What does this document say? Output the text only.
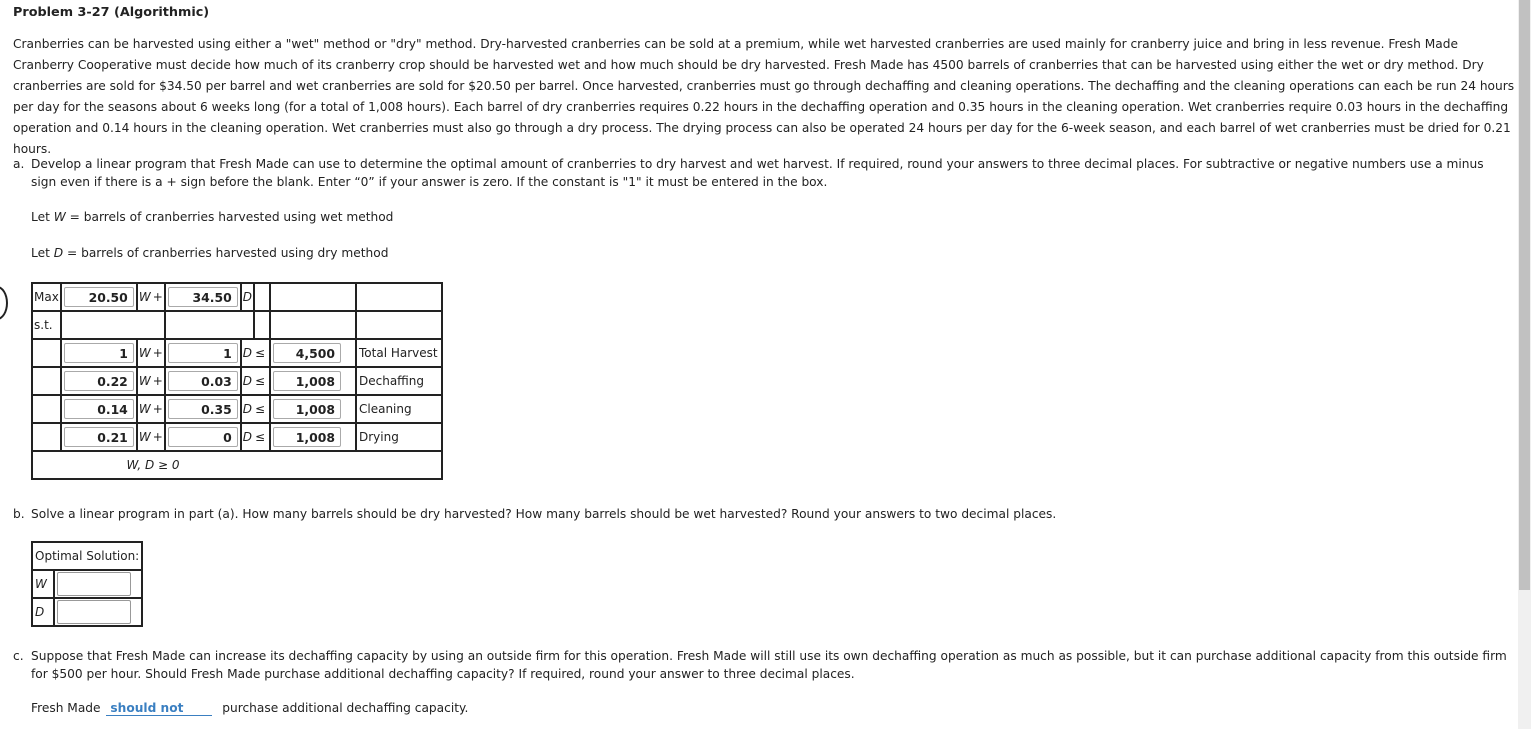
Problem 3-27 (Algorithmic)
Cranberries can be harvested using either a "wet" method or "dry" method. Dry-harvested cranberries can be sold at a premium, while wet harvested cranberries are used mainly for cranberry juice and bring in less revenue. Fresh Made Cranberry Cooperative must decide how much of its cranberry crop should be harvested wet and how much should be dry harvested. Fresh Made has 4500 barrels of cranberries that can be harvested using either the wet or dry method. Dry cranberries are sold for $34.50 per barrel and wet cranberries are sold for $20.50 per barrel. Once harvested, cranberries must go through dechaffing and cleaning operations. The dechaffing and the cleaning operations can each be run 24 hours per day for the seasons about 6 weeks long (for a total of 1,008 hours). Each barrel of dry cranberries requires 0.22 hours in the dechaffing operation and 0.35 hours in the cleaning operation. Wet cranberries require 0.03 hours in the dechaffing operation and 0.14 hours in the cleaning operation. Wet cranberries must also go through a dry process. The drying process can also be operated 24 hours per day for the 6-week season, and each barrel of wet cranberries must be dried for 0.21 hours.
a. Develop a linear program that Fresh Made can use to determine the optimal amount of cranberries to dry harvest and wet harvest. If required, round your answers to three decimal places. For subtractive or negative numbers use a minus sign even if there is a + sign before the blank. Enter “0” if your answer is zero. If the constant is "1" it must be entered in the box.
Let W = barrels of cranberries harvested using wet method
Let D = barrels of cranberries harvested using dry method
Max	20.50	W	+	34.50	D			
s.t.								
	1	W	+	1	D	≤	4,500	Total Harvest
	0.22	W	+	0.03	D	≤	1,008	Dechaffing
	0.14	W	+	0.35	D	≤	1,008	Cleaning
	0.21	W	+	0	D	≤	1,008	Drying
W, D ≥ 0								
b. Solve a linear program in part (a). How many barrels should be dry harvested? How many barrels should be wet harvested? Round your answers to two decimal places.
Optimal Solution:	
W	
D	
c. Suppose that Fresh Made can increase its dechaffing capacity by using an outside firm for this operation. Fresh Made will still use its own dechaffing operation as much as possible, but it can purchase additional capacity from this outside firm for $500 per hour. Should Fresh Made purchase additional dechaffing capacity? If required, round your answer to three decimal places.
Fresh Made should not	purchase additional dechaffing capacity.
